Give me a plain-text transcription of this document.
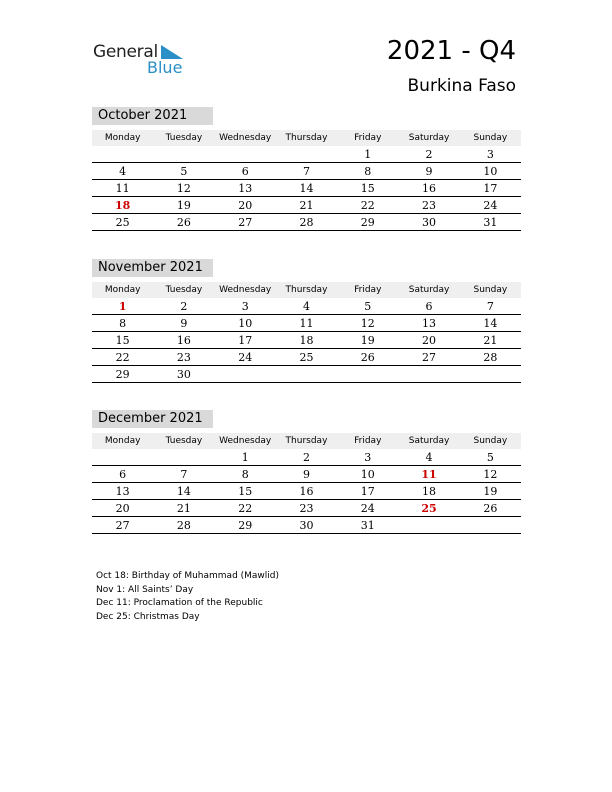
General
Blue
2021 - Q4
Burkina Faso
October 2021
Monday	Tuesday	Wednesday	Thursday	Friday	Saturday	Sunday
				1	2	3
4	5	6	7	8	9	10
11	12	13	14	15	16	17
18	19	20	21	22	23	24
25	26	27	28	29	30	31
November 2021
Monday	Tuesday	Wednesday	Thursday	Friday	Saturday	Sunday
1	2	3	4	5	6	7
8	9	10	11	12	13	14
15	16	17	18	19	20	21
22	23	24	25	26	27	28
29	30					
December 2021
Monday	Tuesday	Wednesday	Thursday	Friday	Saturday	Sunday
		1	2	3	4	5
6	7	8	9	10	11	12
13	14	15	16	17	18	19
20	21	22	23	24	25	26
27	28	29	30	31		
Oct 18: Birthday of Muhammad (Mawlid)
Nov 1: All Saints’ Day
Dec 11: Proclamation of the Republic
Dec 25: Christmas Day
